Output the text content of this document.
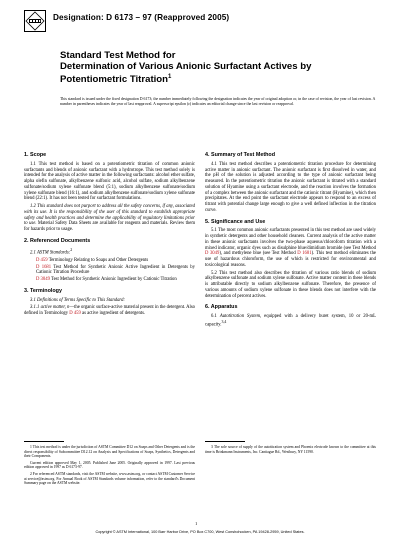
Designation: D 6173 – 97 (Reapproved 2005)
Standard Test Method for
Determination of Various Anionic Surfactant Actives by
Potentiometric Titration$^1$
This standard is issued under the fixed designation D 6173; the number immediately following the designation indicates the year of original adoption or, in the case of revision, the year of last revision. A number in parentheses indicates the year of last reapproval. A superscript epsilon (ε) indicates an editorial change since the last revision or reapproval.
1. Scope

1.1 This test method is based on a potentiometric titration of common anionic surfactants and blends of anionic surfactant with a hydrotrope. This test method solely is intended for the analysis of active matter in the following surfactants: alcohol ether sulfate, alpha olefin sulfonate, alkylbenzene sulfonic acid, alcohol sulfate, sodium alkylbenzene sulfonate/sodium xylene sulfonate blend (5:1), sodium alkylbenzene sulfonate/sodium xylene sulfonate blend (16:1), and sodium alkylbenzene sulfonate/sodium xylene sulfonate blend (22:1). It has not been tested for surfactant formulations.

1.2 This standard does not purport to address all the safety concerns, if any, associated with its use. It is the responsibility of the user of this standard to establish appropriate safety and health practices and determine the applicability of regulatory limitations prior to use. Material Safety Data Sheets are available for reagents and materials. Review them for hazards prior to usage.

2. Referenced Documents

2.1 ASTM Standards:$^2$

D 459 Terminology Relating to Soaps and Other Detergents

D 1681 Test Method for Synthetic Anionic Active Ingredient in Detergents by Cationic Titration Procedure

D 3049 Test Method for Synthetic Anionic Ingredient by Cationic Titration

3. Terminology

3.1 Definitions of Terms Specific to This Standard:

3.1.1 active matter, n—the organic surface-active material present in the detergent. Also defined in Terminology D 459 as active ingredient of detergents.

4. Summary of Test Method

4.1 This test method describes a potentiometric titration procedure for determining active matter in anionic surfactant. The anionic surfactant is first dissolved in water, and the pH of the solution is adjusted according to the type of anionic surfactant being measured. In the potentiometric titration the anionic surfactant is titrated with a standard solution of Hyamine using a surfactant electrode, and the reaction involves the formation of a complex between the anionic surfactant and the cationic titrant (Hyamine), which then precipitates. At the end point the surfactant electrode appears to respond to an excess of titrant with potential change large enough to give a well defined inflection in the titration curve.

5. Significance and Use

5.1 The most common anionic surfactants presented in this test method are used widely in synthetic detergents and other household cleaners. Current analysis of the active matter in these anionic surfactants involves the two-phase aqueous/chloroform titration with a mixed indicator, organic dyes such as disulphine blue/dimidium bromide (see Test Method D 3049), and methylene blue (see Test Method D 1681). This test method eliminates the use of hazardous chloroform, the use of which is restricted for environmental and toxicological reasons.

5.2 This test method also describes the titration of various ratio blends of sodium alkylbenzene sulfonate and sodium xylene sulfonate. Active matter content in these blends is attributable directly to sodium alkylbenzene sulfonate. Therefore, the presence of various amounts of sodium xylene sulfonate in these blends does not interfere with the determination of percent actives.

6. Apparatus

6.1 Autotitration System, equipped with a delivery buret system, 10 or 20-mL capacity.$^{3,4}$

1 This test method is under the jurisdiction of ASTM Committee D12 on Soaps and Other Detergents and is the direct responsibility of Subcommittee D12.12 on Analysis and Specifications of Soaps, Synthetics, Detergents and their Components.

Current edition approved May 1, 2005. Published June 2005. Originally approved in 1997. Last previous edition approved in 1997 as D 6173-97.

2 For referenced ASTM standards, visit the ASTM website, www.astm.org, or contact ASTM Customer Service at service@astm.org. For Annual Book of ASTM Standards volume information, refer to the standard's Document Summary page on the ASTM website.

3 The sole source of supply of the autotitration system and Phoenix electrode known to the committee at this time is Brinkmann Instruments, Inc. Cantiague Rd., Westbury, NY 11590.

1
Copyright © ASTM International, 100 Barr Harbor Drive, PO Box C700, West Conshohocken, PA 19428-2959, United States.
